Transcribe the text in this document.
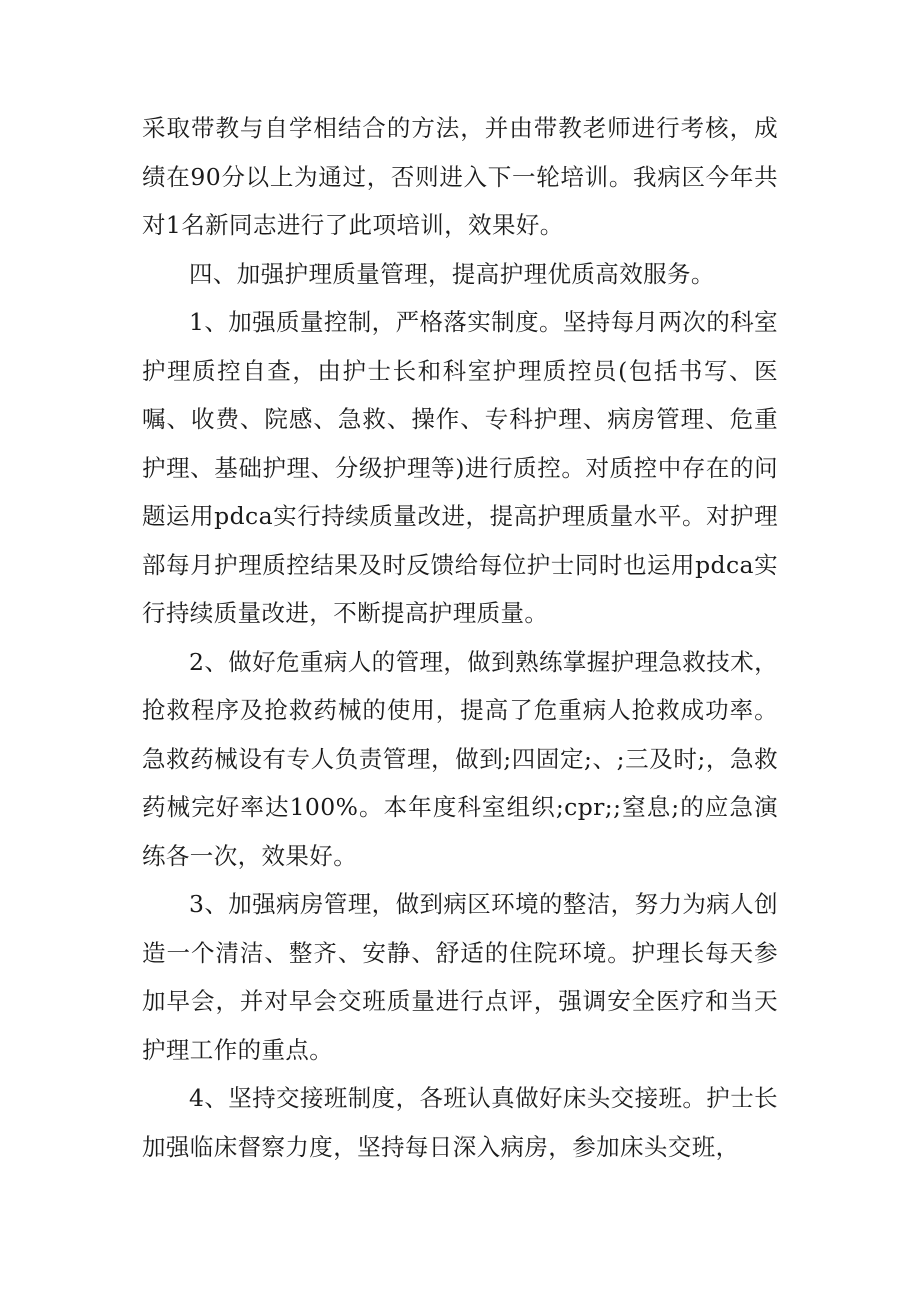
采取带教与自学相结合的方法，并由带教老师进行考核，成绩在90分以上为通过，否则进入下一轮培训。我病区今年共对1名新同志进行了此项培训，效果好。

四、加强护理质量管理，提高护理优质高效服务。

1、加强质量控制，严格落实制度。坚持每月两次的科室护理质控自查，由护士长和科室护理质控员(包括书写、医嘱、收费、院感、急救、操作、专科护理、病房管理、危重护理、基础护理、分级护理等)进行质控。对质控中存在的问题运用pdca实行持续质量改进，提高护理质量水平。对护理部每月护理质控结果及时反馈给每位护士同时也运用pdca实行持续质量改进，不断提高护理质量。

2、做好危重病人的管理，做到熟练掌握护理急救技术，抢救程序及抢救药械的使用，提高了危重病人抢救成功率。急救药械设有专人负责管理，做到;四固定;、;三及时;，急救药械完好率达100%。本年度科室组织;cpr;;窒息;的应急演练各一次，效果好。

3、加强病房管理，做到病区环境的整洁，努力为病人创造一个清洁、整齐、安静、舒适的住院环境。护理长每天参加早会，并对早会交班质量进行点评，强调安全医疗和当天护理工作的重点。

4、坚持交接班制度，各班认真做好床头交接班。护士长加强临床督察力度，坚持每日深入病房，参加床头交班，
